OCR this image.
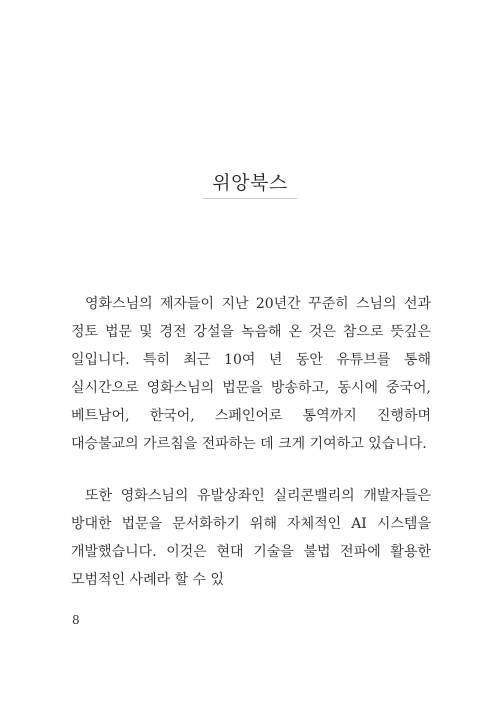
위앙북스

영화스님의 제자들이 지난 20년간 꾸준히 스님의 선과 정토 법문 및 경전 강설을 녹음해 온 것은 참으로 뜻깊은 일입니다. 특히 최근 10여 년 동안 유튜브를 통해 실시간으로 영화스님의 법문을 방송하고, 동시에 중국어, 베트남어, 한국어, 스페인어로 통역까지 진행하며 대승불교의 가르침을 전파하는 데 크게 기여하고 있습니다.

또한 영화스님의 유발상좌인 실리콘밸리의 개발자들은 방대한 법문을 문서화하기 위해 자체적인 AI 시스템을 개발했습니다. 이것은 현대 기술을 불법 전파에 활용한 모범적인 사례라 할 수 있

8
